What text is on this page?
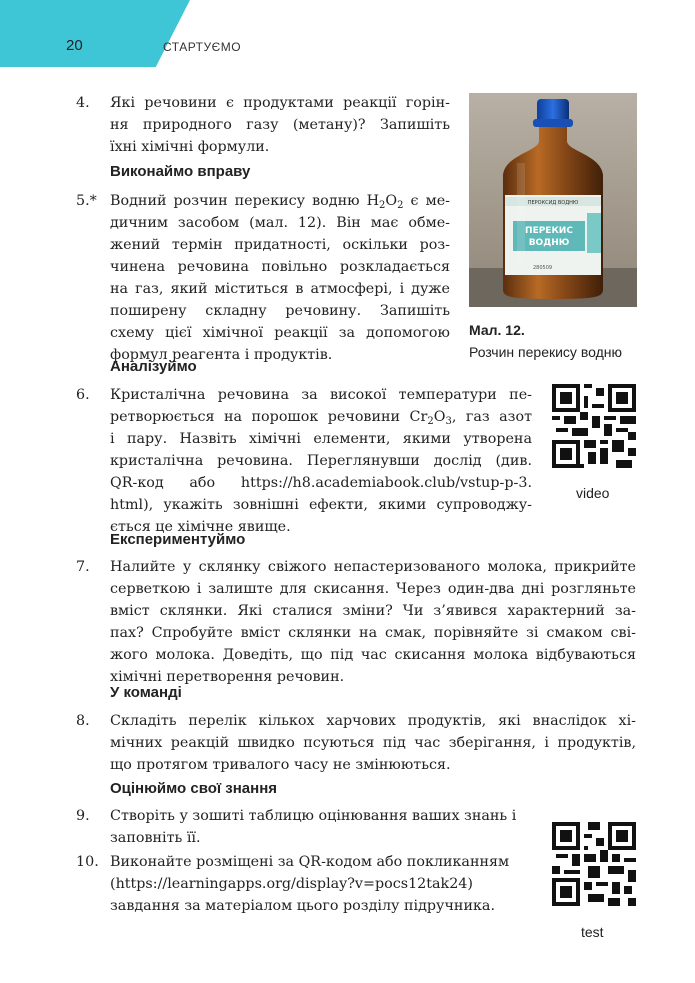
20	СТАРТУЄМО
4. Які речовини є продуктами реакції горін-
ня природного газу (метану)? Запишіть
їхні хімічні формули.
Виконаймо вправу
5.* Водний розчин перекису водню $H_2O_2$ є ме-
дичним засобом (мал. 12). Він має обме-
жений термін придатності, оскільки роз-
чинена речовина повільно розкладається
на газ, який міститься в атмосфері, і дуже
поширену складну речовину. Запишіть
схему цієї хімічної реакції за допомогою
формул реагента і продуктів.
ПЕРОКСИД ВОДНЮ
ПЕРЕКИС
ВОДНЮ
280509
Мал. 12.
Розчин перекису водню
Аналізуймо
6. Кристалічна речовина за високої температури пе-
ретворюється на порошок речовини $Cr_2O_3$, газ азот
і пару. Назвіть хімічні елементи, якими утворена
кристалічна речовина. Переглянувши дослід (див.
QR-код або https://h8.academiabook.club/vstup-p-3.
html), укажіть зовнішні ефекти, якими супроводжу-
ється це хімічне явище.
video
Експериментуймо
7. Налийте у склянку свіжого непастеризованого молока, прикрийте
серветкою і залиште для скисання. Через один-два дні розгляньте
вміст склянки. Які сталися зміни? Чи з’явився характерний за-
пах? Спробуйте вміст склянки на смак, порівняйте зі смаком сві-
жого молока. Доведіть, що під час скисання молока відбуваються
хімічні перетворення речовин.
У команді
8. Складіть перелік кількох харчових продуктів, які внаслідок хі-
мічних реакцій швидко псуються під час зберігання, і продуктів,
що протягом тривалого часу не змінюються.
Оцінюймо свої знання
9. Створіть у зошиті таблицю оцінювання ваших знань і
заповніть її.
10. Виконайте розміщені за QR-кодом або покликанням
(https://learningapps.org/display?v=pocs12tak24)
завдання за матеріалом цього розділу підручника.
test
